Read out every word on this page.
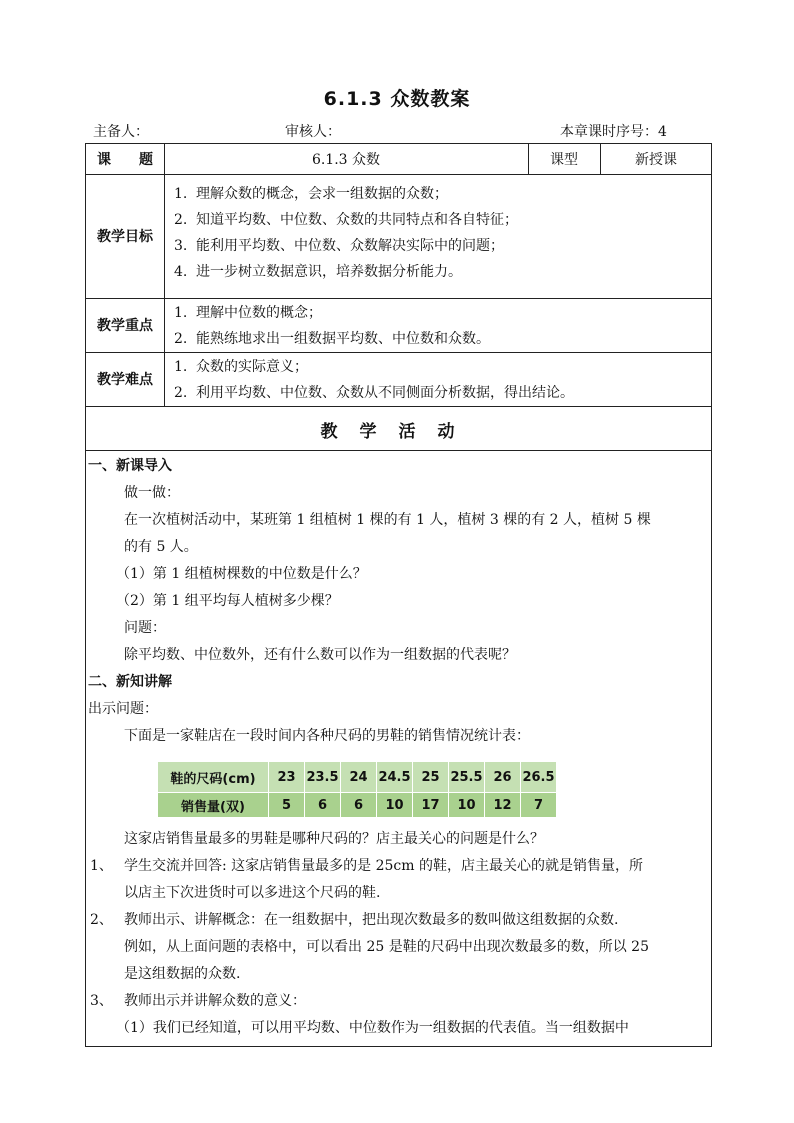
6.1.3 众数教案
主备人：	审核人：	本章课时序号：4
课　　题	6.1.3 众数	课型	新授课
教学目标
1. 理解众数的概念，会求一组数据的众数；
2. 知道平均数、中位数、众数的共同特点和各自特征；
3. 能利用平均数、中位数、众数解决实际中的问题；
4. 进一步树立数据意识，培养数据分析能力。
教学重点
1. 理解中位数的概念；
2. 能熟练地求出一组数据平均数、中位数和众数。
教学难点
1. 众数的实际意义；
2. 利用平均数、中位数、众数从不同侧面分析数据，得出结论。
教学活动
一、新课导入
做一做：
在一次植树活动中，某班第 1 组植树 1 棵的有 1 人，植树 3 棵的有 2 人，植树 5 棵
的有 5 人。
（1）第 1 组植树棵数的中位数是什么？
（2）第 1 组平均每人植树多少棵？
问题：
除平均数、中位数外，还有什么数可以作为一组数据的代表呢？
二、新知讲解
出示问题：
下面是一家鞋店在一段时间内各种尺码的男鞋的销售情况统计表：
鞋的尺码(cm)	23	23.5	24	24.5	25	25.5	26	26.5
销售量(双)	5	6	6	10	17	10	12	7
这家店销售量最多的男鞋是哪种尺码的？店主最关心的问题是什么？
1、 学生交流并回答: 这家店销售量最多的是 25cm 的鞋，店主最关心的就是销售量，所
以店主下次进货时可以多进这个尺码的鞋.
2、 教师出示、讲解概念：在一组数据中，把出现次数最多的数叫做这组数据的众数.
例如，从上面问题的表格中，可以看出 25 是鞋的尺码中出现次数最多的数，所以 25
是这组数据的众数.
3、 教师出示并讲解众数的意义：
（1）我们已经知道，可以用平均数、中位数作为一组数据的代表值。当一组数据中
